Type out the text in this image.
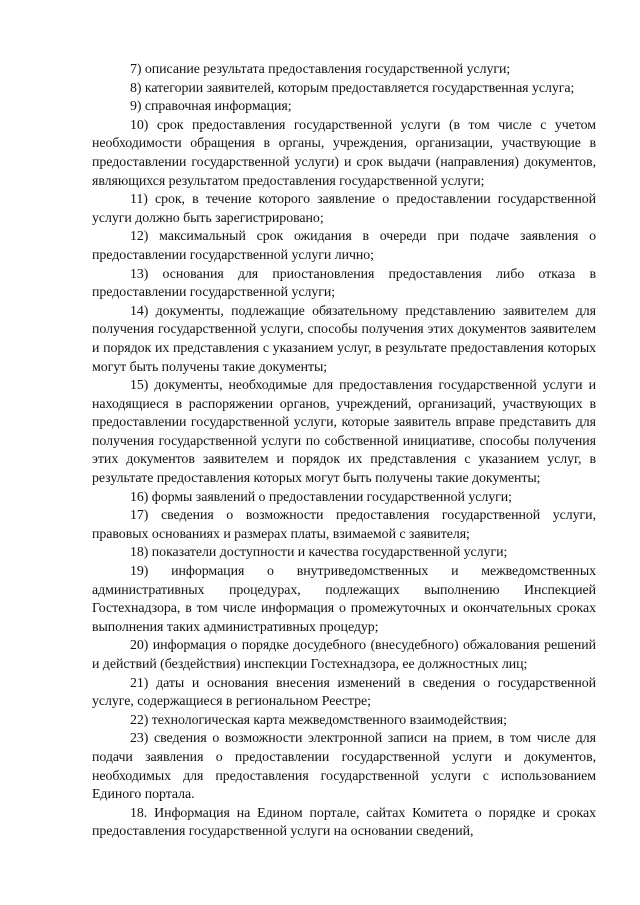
7) описание результата предоставления государственной услуги;

8) категории заявителей, которым предоставляется государственная услуга;

9) справочная информация;

10) срок предоставления государственной услуги (в том числе с учетом необходимости обращения в органы, учреждения, организации, участвующие в предоставлении государственной услуги) и срок выдачи (направления) документов, являющихся результатом предоставления государственной услуги;

11) срок, в течение которого заявление о предоставлении государственной услуги должно быть зарегистрировано;

12) максимальный срок ожидания в очереди при подаче заявления о предоставлении государственной услуги лично;

13) основания для приостановления предоставления либо отказа в предоставлении государственной услуги;

14) документы, подлежащие обязательному представлению заявителем для получения государственной услуги, способы получения этих документов заявителем и порядок их представления с указанием услуг, в результате предоставления которых могут быть получены такие документы;

15) документы, необходимые для предоставления государственной услуги и находящиеся в распоряжении органов, учреждений, организаций, участвующих в предоставлении государственной услуги, которые заявитель вправе представить для получения государственной услуги по собственной инициативе, способы получения этих документов заявителем и порядок их представления с указанием услуг, в результате предоставления которых могут быть получены такие документы;

16) формы заявлений о предоставлении государственной услуги;

17) сведения о возможности предоставления государственной услуги, правовых основаниях и размерах платы, взимаемой с заявителя;

18) показатели доступности и качества государственной услуги;

19) информация о внутриведомственных и межведомственных административных процедурах, подлежащих выполнению Инспекцией Гостехнадзора, в том числе информация о промежуточных и окончательных сроках выполнения таких административных процедур;

20) информация о порядке досудебного (внесудебного) обжалования решений и действий (бездействия) инспекции Гостехнадзора, ее должностных лиц;

21) даты и основания внесения изменений в сведения о государственной услуге, содержащиеся в региональном Реестре;

22) технологическая карта межведомственного взаимодействия;

23) сведения о возможности электронной записи на прием, в том числе для подачи заявления о предоставлении государственной услуги и документов, необходимых для предоставления государственной услуги с использованием Единого портала.

18. Информация на Едином портале, сайтах Комитета о порядке и сроках предоставления государственной услуги на основании сведений,
